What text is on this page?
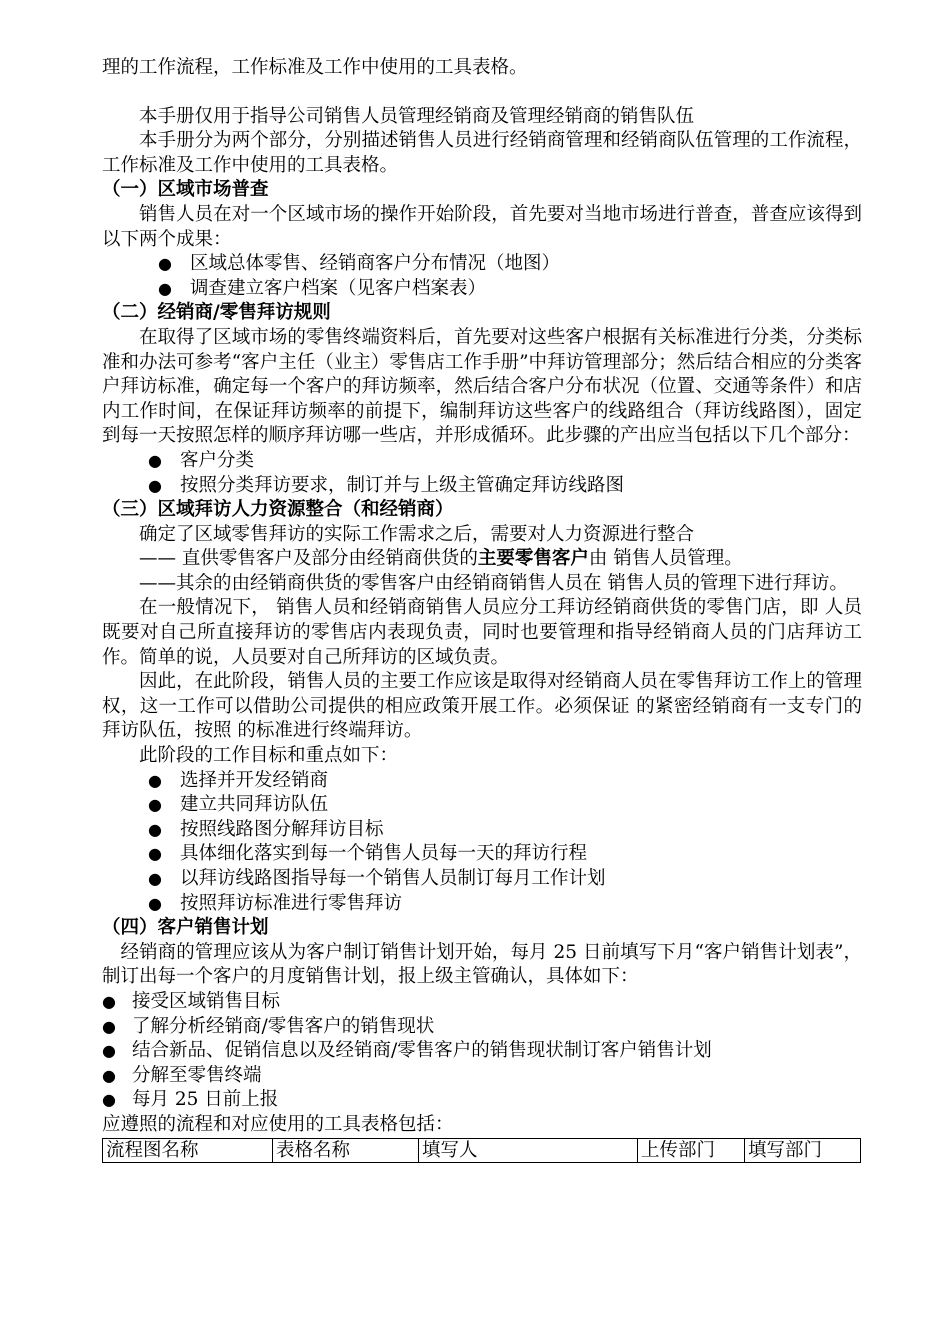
理的工作流程，工作标准及工作中使用的工具表格。

本手册仅用于指导公司销售人员管理经销商及管理经销商的销售队伍

本手册分为两个部分，分别描述销售人员进行经销商管理和经销商队伍管理的工作流程，工作标准及工作中使用的工具表格。

（一）区域市场普查

销售人员在对一个区域市场的操作开始阶段，首先要对当地市场进行普查，普查应该得到以下两个成果：

● 区域总体零售、经销商客户分布情况（地图）
● 调查建立客户档案（见客户档案表）
（二）经销商/零售拜访规则

在取得了区域市场的零售终端资料后，首先要对这些客户根据有关标准进行分类，分类标准和办法可参考“客户主任（业主）零售店工作手册”中拜访管理部分；然后结合相应的分类客户拜访标准，确定每一个客户的拜访频率，然后结合客户分布状况（位置、交通等条件）和店内工作时间，在保证拜访频率的前提下，编制拜访这些客户的线路组合（拜访线路图），固定到每一天按照怎样的顺序拜访哪一些店，并形成循环。此步骤的产出应当包括以下几个部分：

● 客户分类
● 按照分类拜访要求，制订并与上级主管确定拜访线路图
（三）区域拜访人力资源整合（和经销商）

确定了区域零售拜访的实际工作需求之后，需要对人力资源进行整合

—— 直供零售客户及部分由经销商供货的主要零售客户由 销售人员管理。

——其余的由经销商供货的零售客户由经销商销售人员在 销售人员的管理下进行拜访。

在一般情况下， 销售人员和经销商销售人员应分工拜访经销商供货的零售门店，即 人员既要对自己所直接拜访的零售店内表现负责，同时也要管理和指导经销商人员的门店拜访工作。简单的说，人员要对自己所拜访的区域负责。

因此，在此阶段，销售人员的主要工作应该是取得对经销商人员在零售拜访工作上的管理权，这一工作可以借助公司提供的相应政策开展工作。必须保证 的紧密经销商有一支专门的拜访队伍，按照 的标准进行终端拜访。

此阶段的工作目标和重点如下：

● 选择并开发经销商
● 建立共同拜访队伍
● 按照线路图分解拜访目标
● 具体细化落实到每一个销售人员每一天的拜访行程
● 以拜访线路图指导每一个销售人员制订每月工作计划
● 按照拜访标准进行零售拜访
（四）客户销售计划

经销商的管理应该从为客户制订销售计划开始，每月 25 日前填写下月“客户销售计划表”，制订出每一个客户的月度销售计划，报上级主管确认，具体如下：

● 接受区域销售目标
● 了解分析经销商/零售客户的销售现状
● 结合新品、促销信息以及经销商/零售客户的销售现状制订客户销售计划
● 分解至零售终端
● 每月 25 日前上报

应遵照的流程和对应使用的工具表格包括：

流程图名称	表格名称	填写人	上传部门	填写部门
